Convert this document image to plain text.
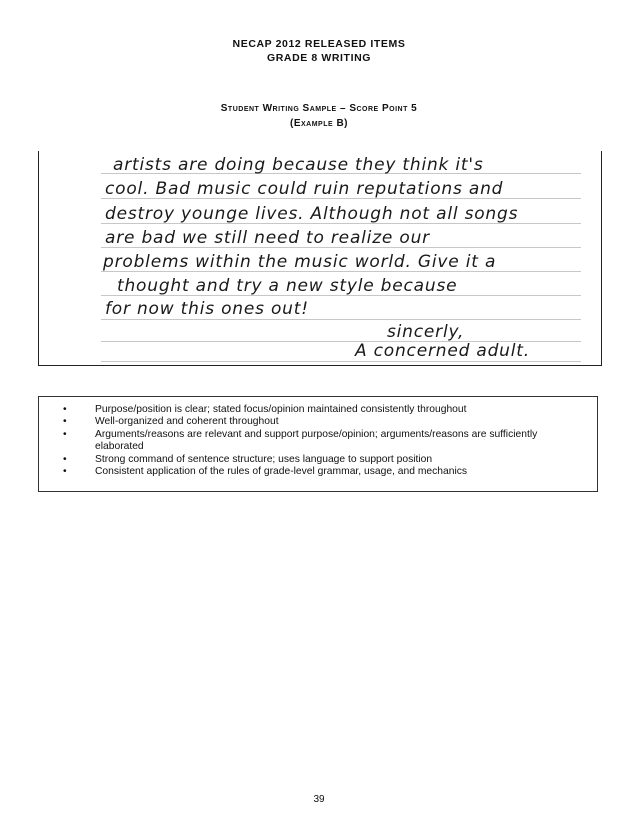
NECAP 2012 RELEASED ITEMS
GRADE 8 WRITING
Student Writing Sample – Score Point 5
(Example B)
artists are doing because they think it's
cool. Bad music could ruin reputations and
destroy younge lives. Although not all songs
are bad we still need to realize our
problems within the music world. Give it a
thought and try a new style because
for now this ones out!
sincerly,
A concerned adult.
•	Purpose/position is clear; stated focus/opinion maintained consistently throughout
•	Well-organized and coherent throughout
•	Arguments/reasons are relevant and support purpose/opinion; arguments/reasons are sufficiently elaborated
•	Strong command of sentence structure; uses language to support position
•	Consistent application of the rules of grade-level grammar, usage, and mechanics
39
